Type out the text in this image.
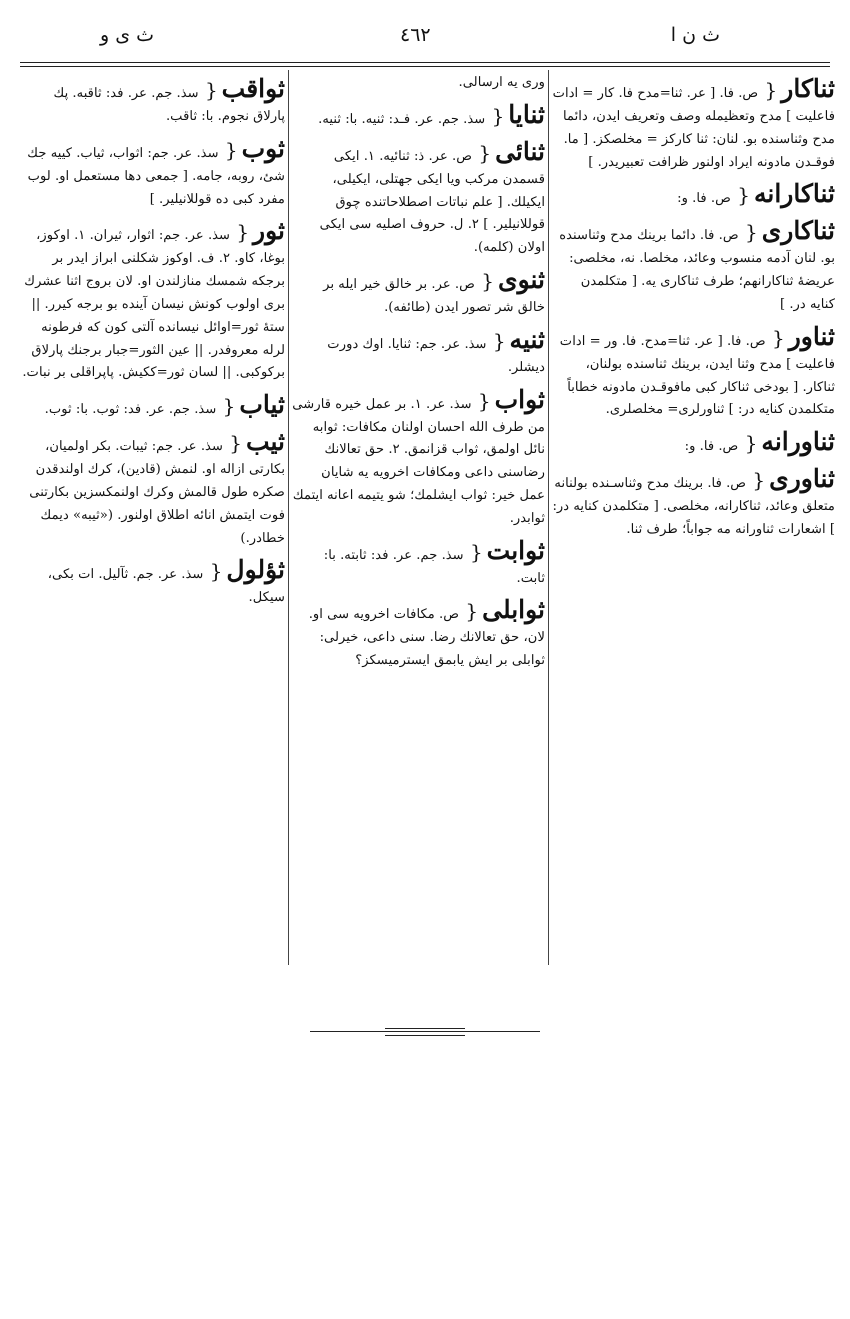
ث ن ا
٤٦٢
ث ى و
ثناكار{ ص. فا. [ عر. ثنا=مدح فا. كار = ادات فاعليت ] مدح وتعظيمله وصف وتعريف ايدن، دائما مدح وثناسنده بو. لنان: ثنا كاركز = مخلصكز. [ ما. فوقـدن مادونه ايراد اولنور ظرافت تعبيريدر. ]
ثناكارانه{ ص. فا. و:
ثناكارى{ ص. فا. دائما برينك مدح وثناسنده بو. لنان آدمه منسوب وعائد، مخلصا. نه، مخلصى: عريضهٔ ثناكارانهم؛ طرف ثناكارى يه. [ متكلمدن كنايه در. ]
ثناور{ ص. فا. [ عر. ثنا=مدح. فا. ور = ادات فاعليت ] مدح وثنا ايدن، برينك ثناسنده بولنان، ثناكار. [ بودخى ثناكار كبى مافوقـدن مادونه خطاباً متكلمدن كنايه در: ] ثناورلرى= مخلصلرى.
ثناورانه{ ص. فا. و:
ثناورى{ ص. فا. برينك مدح وثناسـنده بولنانه متعلق وعائد، ثناكارانه، مخلصى. [ متكلمدن كنايه در: ] اشعارات ثناورانه مه جواباً؛ طرف ثنا.
ورى يه ارسالى.
ثنايا{ سذ. جم. عر. فـد: ثنيه. با: ثنيه.
ثنائى{ ص. عر. ذ: ثنائيه. ١. ايكى قسمدن مركب ويا ايكى جهتلى، ايكيلى، ايكيلك. [ علم نباتات اصطلاحاتنده چوق قوللانيلير. ] ٢. ل. حروف اصليه سى ايكى اولان (كلمه).
ثنوى{ ص. عر. بر خالق خير ايله بر خالق شر تصور ايدن (طائفه).
ثنيه{ سذ. عر. جم: ثنايا. اوك دورت ديشلر.
ثواب{ سذ. عر. ١. بر عمل خيره قارشى من طرف الله احسان اولنان مكافات: ثوابه نائل اولمق، ثواب قزانمق. ٢. حق تعالانك رضاسنى داعى ومكافات اخرويه يه شايان عمل خير: ثواب ايشلمك؛ شو يتيمه اعانه ايتمك ثوابدر.
ثوابت{ سذ. جم. عر. فد: ثابته. با: ثابت.
ثوابلى{ ص. مكافات اخرويه سى او. لان، حق تعالانك رضا. سنى داعى، خيرلى: ثوابلى بر ايش يابمق ايسترميسكز؟
ثواقب{ سذ. جم. عر. فد: ثاقبه. پك پارلاق نجوم. با: ثاقب.
ثوب{ سذ. عر. جم: اثواب، ثياب. كييه جك شئ، روبه، جامه. [ جمعى دها مستعمل او. لوب مفرد كبى ده قوللانيلير. ]
ثور{ سذ. عر. جم: اثوار، ثيران. ١. اوكوز، بوغا، كاو. ٢. ف. اوكوز شكلنى ابراز ايدر بر برجكه شمسك منازلندن او. لان بروج اثنا عشرك برى اولوب كونش نيسان آينده بو برجه كيرر. || ستهٔ ثور=اوائل نيسانده آلتى كون كه فرطونه لرله معروفدر. || عين الثور=جبار برجنك پارلاق بركوكبى. || لسان ثور=ككيش. پاپراقلى بر نبات.
ثياب{ سذ. جم. عر. فد: ثوب. با: ثوب.
ثيب{ سذ. عر. جم: ثيبات. بكر اولميان، بكارتى ازاله او. لنمش (قادين)، كرك اولندقدن صكره طول قالمش وكرك اولنمكسزين بكارتنى فوت ايتمش انائه اطلاق اولنور. («ثيبه» ديمك خطادر.)
ثؤلول{ سذ. عر. جم. ثآليل. ات بكى، سيكل.
